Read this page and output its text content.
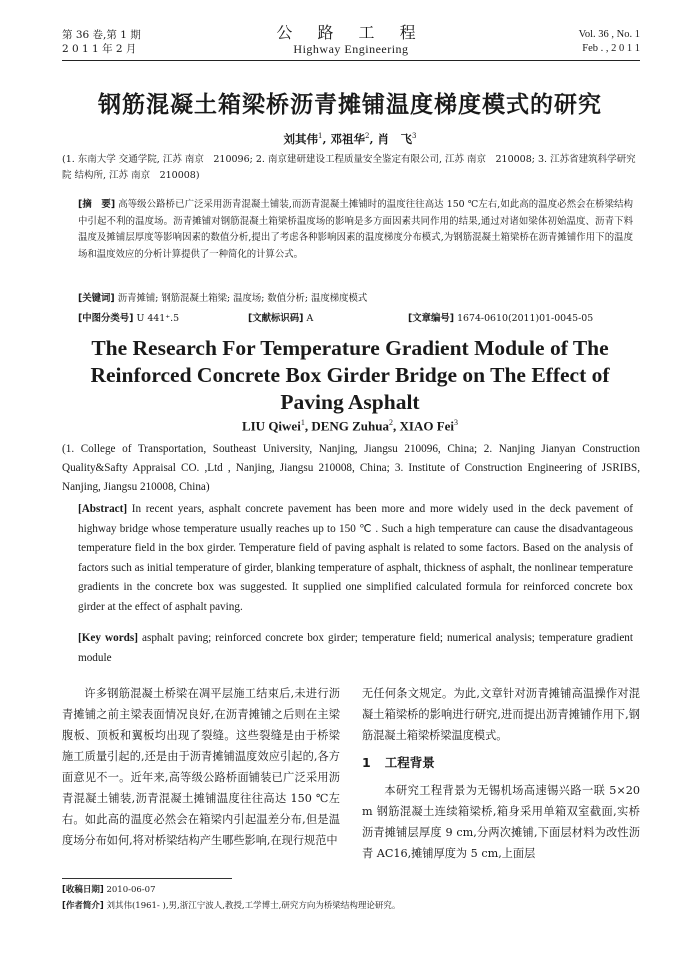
第 36 卷,第 1 期
2 0 1 1 年 2 月
公 路 工 程
Highway Engineering
Vol. 36 , No. 1
Feb . , 2 0 1 1
钢筋混凝土箱梁桥沥青摊铺温度梯度模式的研究
刘其伟$^1$, 邓祖华$^2$, 肖　飞$^3$
(1. 东南大学 交通学院, 江苏 南京　210096; 2. 南京建研建设工程质量安全鉴定有限公司, 江苏 南京　210008; 3. 江苏省建筑科学研究院 结构所, 江苏 南京　210008)
[摘　要] 高等级公路桥已广泛采用沥青混凝土铺装,而沥青混凝土摊铺时的温度往往高达 150 ℃左右,如此高的温度必然会在桥梁结构中引起不利的温度场。沥青摊铺对钢筋混凝土箱梁桥温度场的影响是多方面因素共同作用的结果,通过对诸如梁体初始温度、沥青下料温度及摊铺层厚度等影响因素的数值分析,提出了考虑各种影响因素的温度梯度分布模式,为钢筋混凝土箱梁桥在沥青摊铺作用下的温度场和温度效应的分析计算提供了一种简化的计算公式。
[关键词] 沥青摊铺; 钢筋混凝土箱梁; 温度场; 数值分析; 温度梯度模式
[中图分类号] U 441⁺.5	[文献标识码] A	[文章编号] 1674-0610(2011)01-0045-05
The Research For Temperature Gradient Module of The
Reinforced Concrete Box Girder Bridge on The Effect of
Paving Asphalt
LIU Qiwei$^1$, DENG Zuhua$^2$, XIAO Fei$^3$
(1. College of Transportation, Southeast University, Nanjing, Jiangsu 210096, China; 2. Nanjing Jianyan Construction Quality&Safty Appraisal CO. ,Ltd , Nanjing, Jiangsu 210008, China; 3. Institute of Construction Engineering of JSRIBS, Nanjing, Jiangsu 210008, China)
[Abstract] In recent years, asphalt concrete pavement has been more and more widely used in the deck pavement of highway bridge whose temperature usually reaches up to 150 ℃ . Such a high temperature can cause the disadvantageous temperature field in the box girder. Temperature field of paving asphalt is related to some factors. Based on the analysis of factors such as initial temperature of girder, blanking temperature of asphalt, thickness of asphalt, the nonlinear temperature gradients in the concrete box was suggested. It supplied one simplified calculated formula for reinforced concrete box girder at the effect of asphalt paving.
[Key words] asphalt paving; reinforced concrete box girder; temperature field; numerical analysis; temperature gradient module

许多钢筋混凝土桥梁在凋平层施工结束后,未进行沥青摊铺之前主梁表面情况良好,在沥青摊铺之后则在主梁腹板、顶板和翼板均出现了裂缝。这些裂缝是由于桥梁施工质量引起的,还是由于沥青摊铺温度效应引起的,各方面意见不一。近年来,高等级公路桥面铺装已广泛采用沥青混凝土铺装,沥青混凝土摊铺温度往往高达 150 ℃左右。如此高的温度必然会在箱梁内引起温差分布,但是温度场分布如何,将对桥梁结构产生哪些影响,在现行规范中

无任何条文规定。为此,文章针对沥青摊铺高温操作对混凝土箱梁桥的影响进行研究,进而提出沥青摊铺作用下,钢筋混凝土箱梁桥梁温度模式。

1 工程背景

本研究工程背景为无锡机场高速锡兴路一联 5×20 m 钢筋混凝土连续箱梁桥,箱身采用单箱双室截面,实桥沥青摊铺层厚度 9 cm,分两次摊铺,下面层材料为改性沥青 AC16,摊铺厚度为 5 cm,上面层

[收稿日期] 2010-06-07
[作者简介] 刘其伟(1961- ),男,浙江宁波人,教授,工学博士,研究方向为桥梁结构理论研究。
